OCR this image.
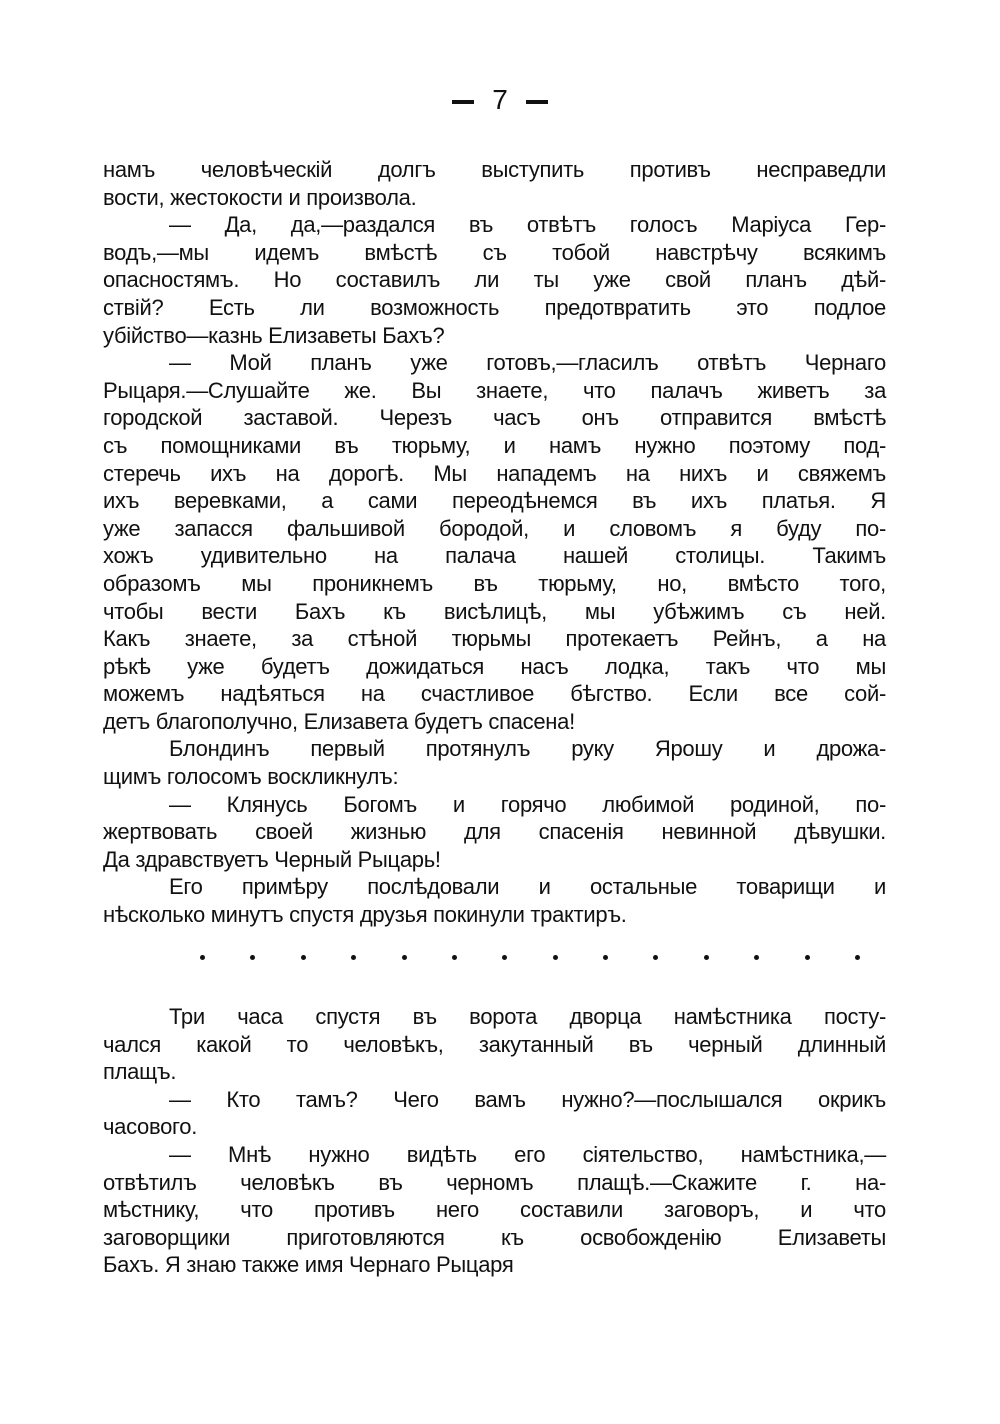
7
намъ человѣческій долгъ выступить противъ несправедли
вости, жестокости и произвола.
— Да, да,—раздался въ отвѣтъ голосъ Маріуса Гер-
водъ,—мы идемъ вмѣстѣ съ тобой навстрѣчу всякимъ
опасностямъ. Но составилъ ли ты уже свой планъ дѣй-
ствій? Есть ли возможность предотвратить это подлое
убійство—казнь Елизаветы Бахъ?
— Мой планъ уже готовъ,—гласилъ отвѣтъ Чернаго
Рыцаря.—Слушайте же. Вы знаете, что палачъ живетъ за
городской заставой. Черезъ часъ онъ отправится вмѣстѣ
съ помощниками въ тюрьму, и намъ нужно поэтому под-
стеречь ихъ на дорогѣ. Мы нападемъ на нихъ и свяжемъ
ихъ веревками, а сами переодѣнемся въ ихъ платья. Я
уже запасся фальшивой бородой, и словомъ я буду по-
хожъ удивительно на палача нашей столицы. Такимъ
образомъ мы проникнемъ въ тюрьму, но, вмѣсто того,
чтобы вести Бахъ къ висѣлицѣ, мы убѣжимъ съ ней.
Какъ знаете, за стѣной тюрьмы протекаетъ Рейнъ, а на
рѣкѣ уже будетъ дожидаться насъ лодка, такъ что мы
можемъ надѣяться на счастливое бѣгство. Если все сой-
детъ благополучно, Елизавета будетъ спасена!
Блондинъ первый протянулъ руку Ярошу и дрожа-
щимъ голосомъ воскликнулъ:
— Клянусь Богомъ и горячо любимой родиной, по-
жертвовать своей жизнью для спасенія невинной дѣвушки.
Да здравствуетъ Черный Рыцарь!
Его примѣру послѣдовали и остальные товарищи и
нѣсколько минутъ спустя друзья покинули трактиръ.
Три часа спустя въ ворота дворца намѣстника посту-
чался какой то человѣкъ, закутанный въ черный длинный
плащъ.
— Кто тамъ? Чего вамъ нужно?—послышался окрикъ
часового.
— Мнѣ нужно видѣть его сіятельство, намѣстника,—
отвѣтилъ человѣкъ въ черномъ плащѣ.—Скажите г. на-
мѣстнику, что противъ него составили заговоръ, и что
заговорщики приготовляются къ освобожденію Елизаветы
Бахъ. Я знаю также имя Чернаго Рыцаря
